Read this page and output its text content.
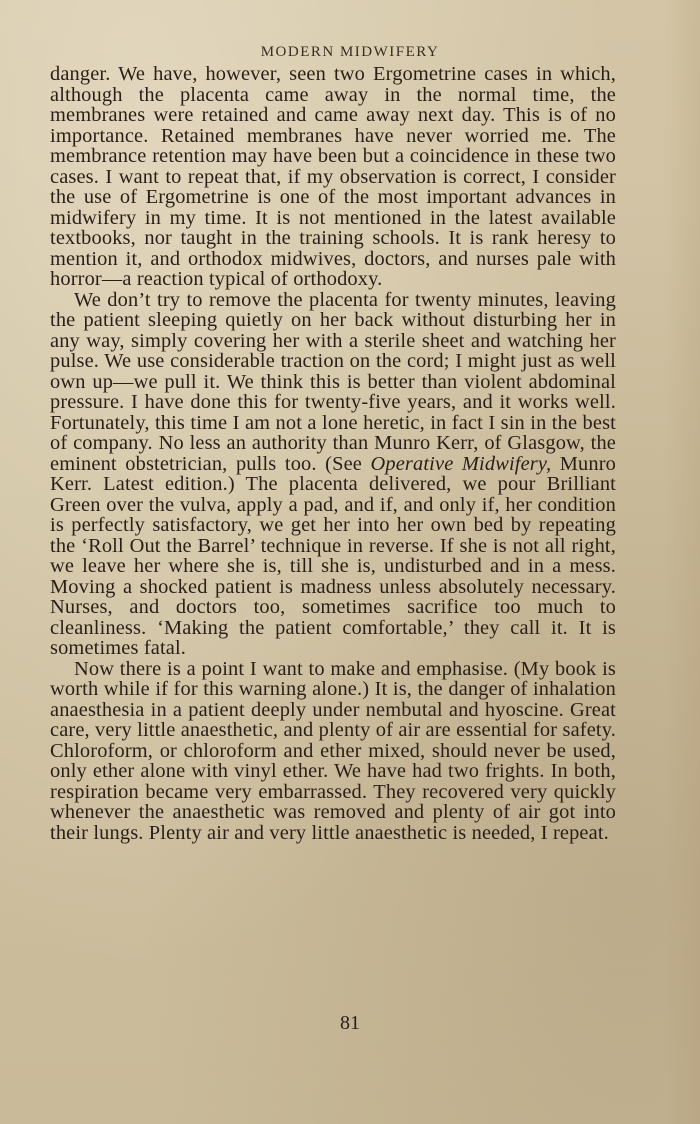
MODERN MIDWIFERY

danger. We have, however, seen two Ergometrine cases in which, although the placenta came away in the normal time, the membranes were retained and came away next day. This is of no importance. Retained membranes have never worried me. The membrance retention may have been but a coincidence in these two cases. I want to repeat that, if my observation is correct, I consider the use of Ergometrine is one of the most important advances in midwifery in my time. It is not mentioned in the latest available textbooks, nor taught in the training schools. It is rank heresy to mention it, and orthodox midwives, doctors, and nurses pale with horror—a reaction typical of orthodoxy.

We don’t try to remove the placenta for twenty minutes, leaving the patient sleeping quietly on her back without disturbing her in any way, simply covering her with a sterile sheet and watching her pulse. We use considerable traction on the cord; I might just as well own up—we pull it. We think this is better than violent abdominal pressure. I have done this for twenty-five years, and it works well. Fortunately, this time I am not a lone heretic, in fact I sin in the best of company. No less an authority than Munro Kerr, of Glasgow, the eminent obstetrician, pulls too. (See Operative Midwifery, Munro Kerr. Latest edition.) The placenta delivered, we pour Brilliant Green over the vulva, apply a pad, and if, and only if, her condition is perfectly satisfactory, we get her into her own bed by repeating the ‘Roll Out the Barrel’ technique in reverse. If she is not all right, we leave her where she is, till she is, undisturbed and in a mess. Moving a shocked patient is madness unless absolutely necessary. Nurses, and doctors too, sometimes sacrifice too much to cleanliness. ‘Making the patient comfortable,’ they call it. It is sometimes fatal.

Now there is a point I want to make and emphasise. (My book is worth while if for this warning alone.) It is, the danger of inhalation anaesthesia in a patient deeply under nembutal and hyoscine. Great care, very little anaesthetic, and plenty of air are essential for safety. Chloroform, or chloroform and ether mixed, should never be used, only ether alone with vinyl ether. We have had two frights. In both, respiration became very embarrassed. They recovered very quickly whenever the anaesthetic was removed and plenty of air got into their lungs. Plenty air and very little anaesthetic is needed, I repeat.

81
